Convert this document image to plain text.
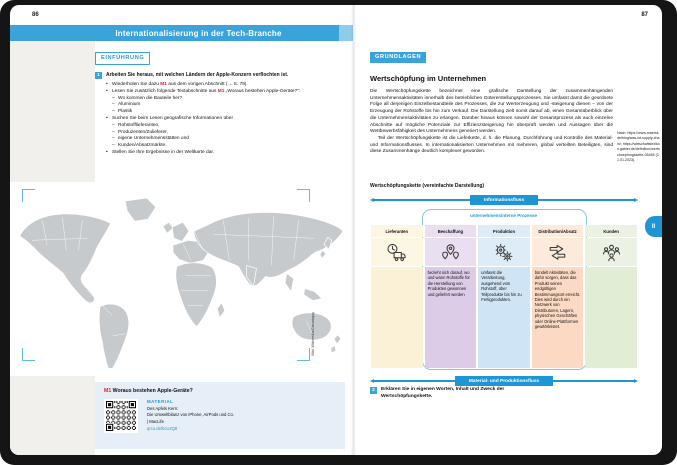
86
Internationalisierung in der Tech-Branche
EINFÜHRUNG
1	Arbeiten Sie heraus, mit welchen Ländern der Apple-Konzern verflochten ist.
• Wiederholen Sie dazu M1 aus dem vorigen Abschnitt (→ S. 79).
• Lesen Sie zusätzlich folgende Textabschnitte aus M1 „Woraus bestehen Apple-Geräte?“:
– Wo kommen die Bauteile her?
– Aluminium
– Plastik
• Suchen Sie beim Lesen geografische Informationen über
– Rohstofflieferanten,
– Produzenten/Zulieferer,
– eigene Unternehmensstätten und
– Kunden/Absatzmärkte.
• Stellen Sie Ihre Ergebnisse in der Weltkarte dar.
Bild: Wikimedia/Canuckguy
M1 Woraus bestehen Apple-Geräte?
MATERIAL
Des Apfels Kern:
Die Umweltbilanz von iPhone, AirPods und Co.
| MacLife
qrco.de/bcUzQ8
87
GRUNDLAGEN
Wertschöpfung im Unternehmen

Die Wertschöpfungskette bezeichnet eine grafische Darstellung der zusammenhängenden Unternehmensaktivitäten innerhalb des betrieblichen Gütererstellungsprozesses. Sie umfasst damit die geordnete Folge all derjenigen Einzelbestandteile des Prozesses, die zur Werterzeugung und -steigerung dienen – von der Erzeugung der Rohstoffe bis hin zum Verkauf. Die Darstellung zielt somit darauf ab, einen Gesamtüberblick über die Unternehmensaktivitäten zu erlangen. Darüber hinaus können sowohl der Gesamtprozess als auch einzelne Abschnitte auf mögliche Potenziale zur Effizienzsteigerung hin überprüft werden und Aussagen über die Wettbewerbsfähigkeit des Unternehmens generiert werden.

Teil der Wertschöpfungskette ist die Lieferkette, d. h. die Planung, Durchführung und Kontrolle des Material- und Informationsflusses. In internationalisierten Unternehmen mit mehreren, global verteilten Beteiligten, sind diese Zusammenhänge deutlich komplexer geworden.

Nach: https://www.maersk.de/blog/was-ist-supply-chain/; https://wirtschaftslexikon.gabler.de/definition/wertschoepfungskette-06465 (31.01.2023).
Wertschöpfungskette (vereinfachte Darstellung)
Informationsfluss
unternehmensinterne Prozesse
Lieferanten	Beschaffung
bezieht sich darauf, wo und wann Rohstoffe für die Herstellung von Produkten gewonnen und geliefert werden
Produktion
umfasst die Verarbeitung, ausgehend vom Rohstoff, über Teilprodukte bis hin zu Fertigprodukten.
Distribution/Absatz
bündelt Aktivitäten, die dafür sorgen, dass das Produkt seinen endgültigen Bestimmungsort erreicht. Dies wird durch ein Netzwerk von Distributoren, Lagern, physischen Geschäften oder Online-Plattformen gewährleistet.
Kunden
Material- und Produktionsfluss
2	Erklären Sie in eigenen Worten, Inhalt und Zweck der Wertschöpfungskette.
II
